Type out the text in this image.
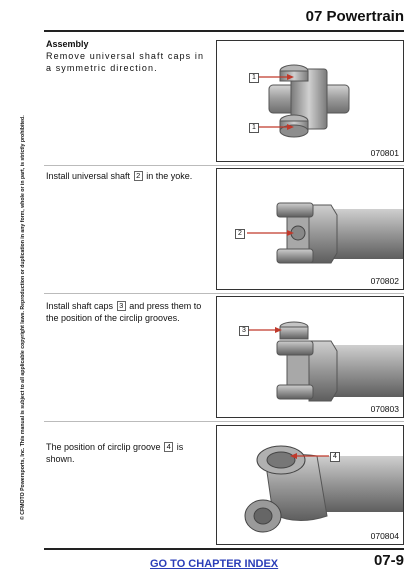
07 Powertrain
© CFMOTO Powersports, Inc. This manual is subject to all applicable copyright laws. Reproduction or duplication in any form, whole or in part, is strictly prohibited.
Assembly
Remove universal shaft caps in a symmetric direction.
1
1
070801
Install universal shaft 2 in the yoke.
2
070802
Install shaft caps 3 and press them to the position of the circlip grooves.
3
070803
The position of circlip groove 4 is shown.	4
070804
GO TO CHAPTER INDEX	07-9
